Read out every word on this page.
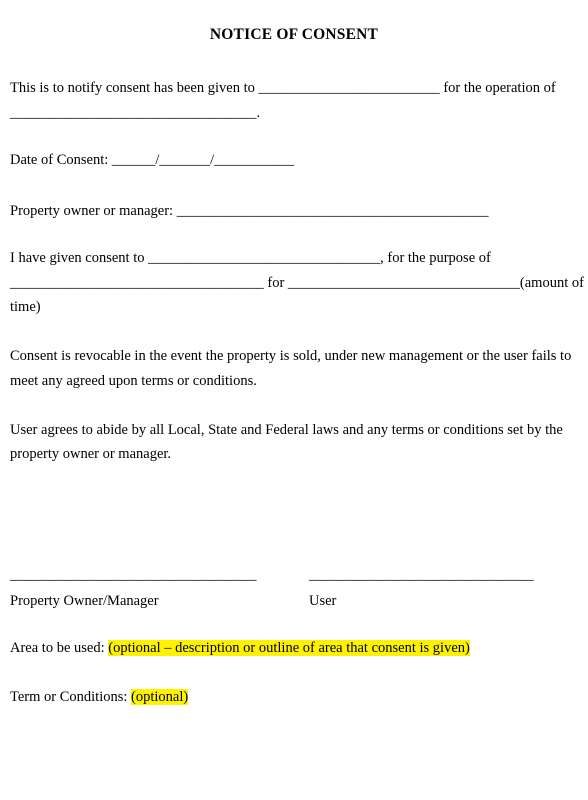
NOTICE OF CONSENT
This is to notify consent has been given to _________________________ for the operation of
__________________________________.
Date of Consent: ______/_______/___________
Property owner or manager: ___________________________________________
I have given consent to ________________________________, for the purpose of
___________________________________ for ________________________________(amount of
time)
Consent is revocable in the event the property is sold, under new management or the user fails to
meet any agreed upon terms or conditions.
User agrees to abide by all Local, State and Federal laws and any terms or conditions set by the
property owner or manager.
__________________________________	_______________________________
Property Owner/Manager	User
Area to be used: (optional – description or outline of area that consent is given)
Term or Conditions: (optional)
